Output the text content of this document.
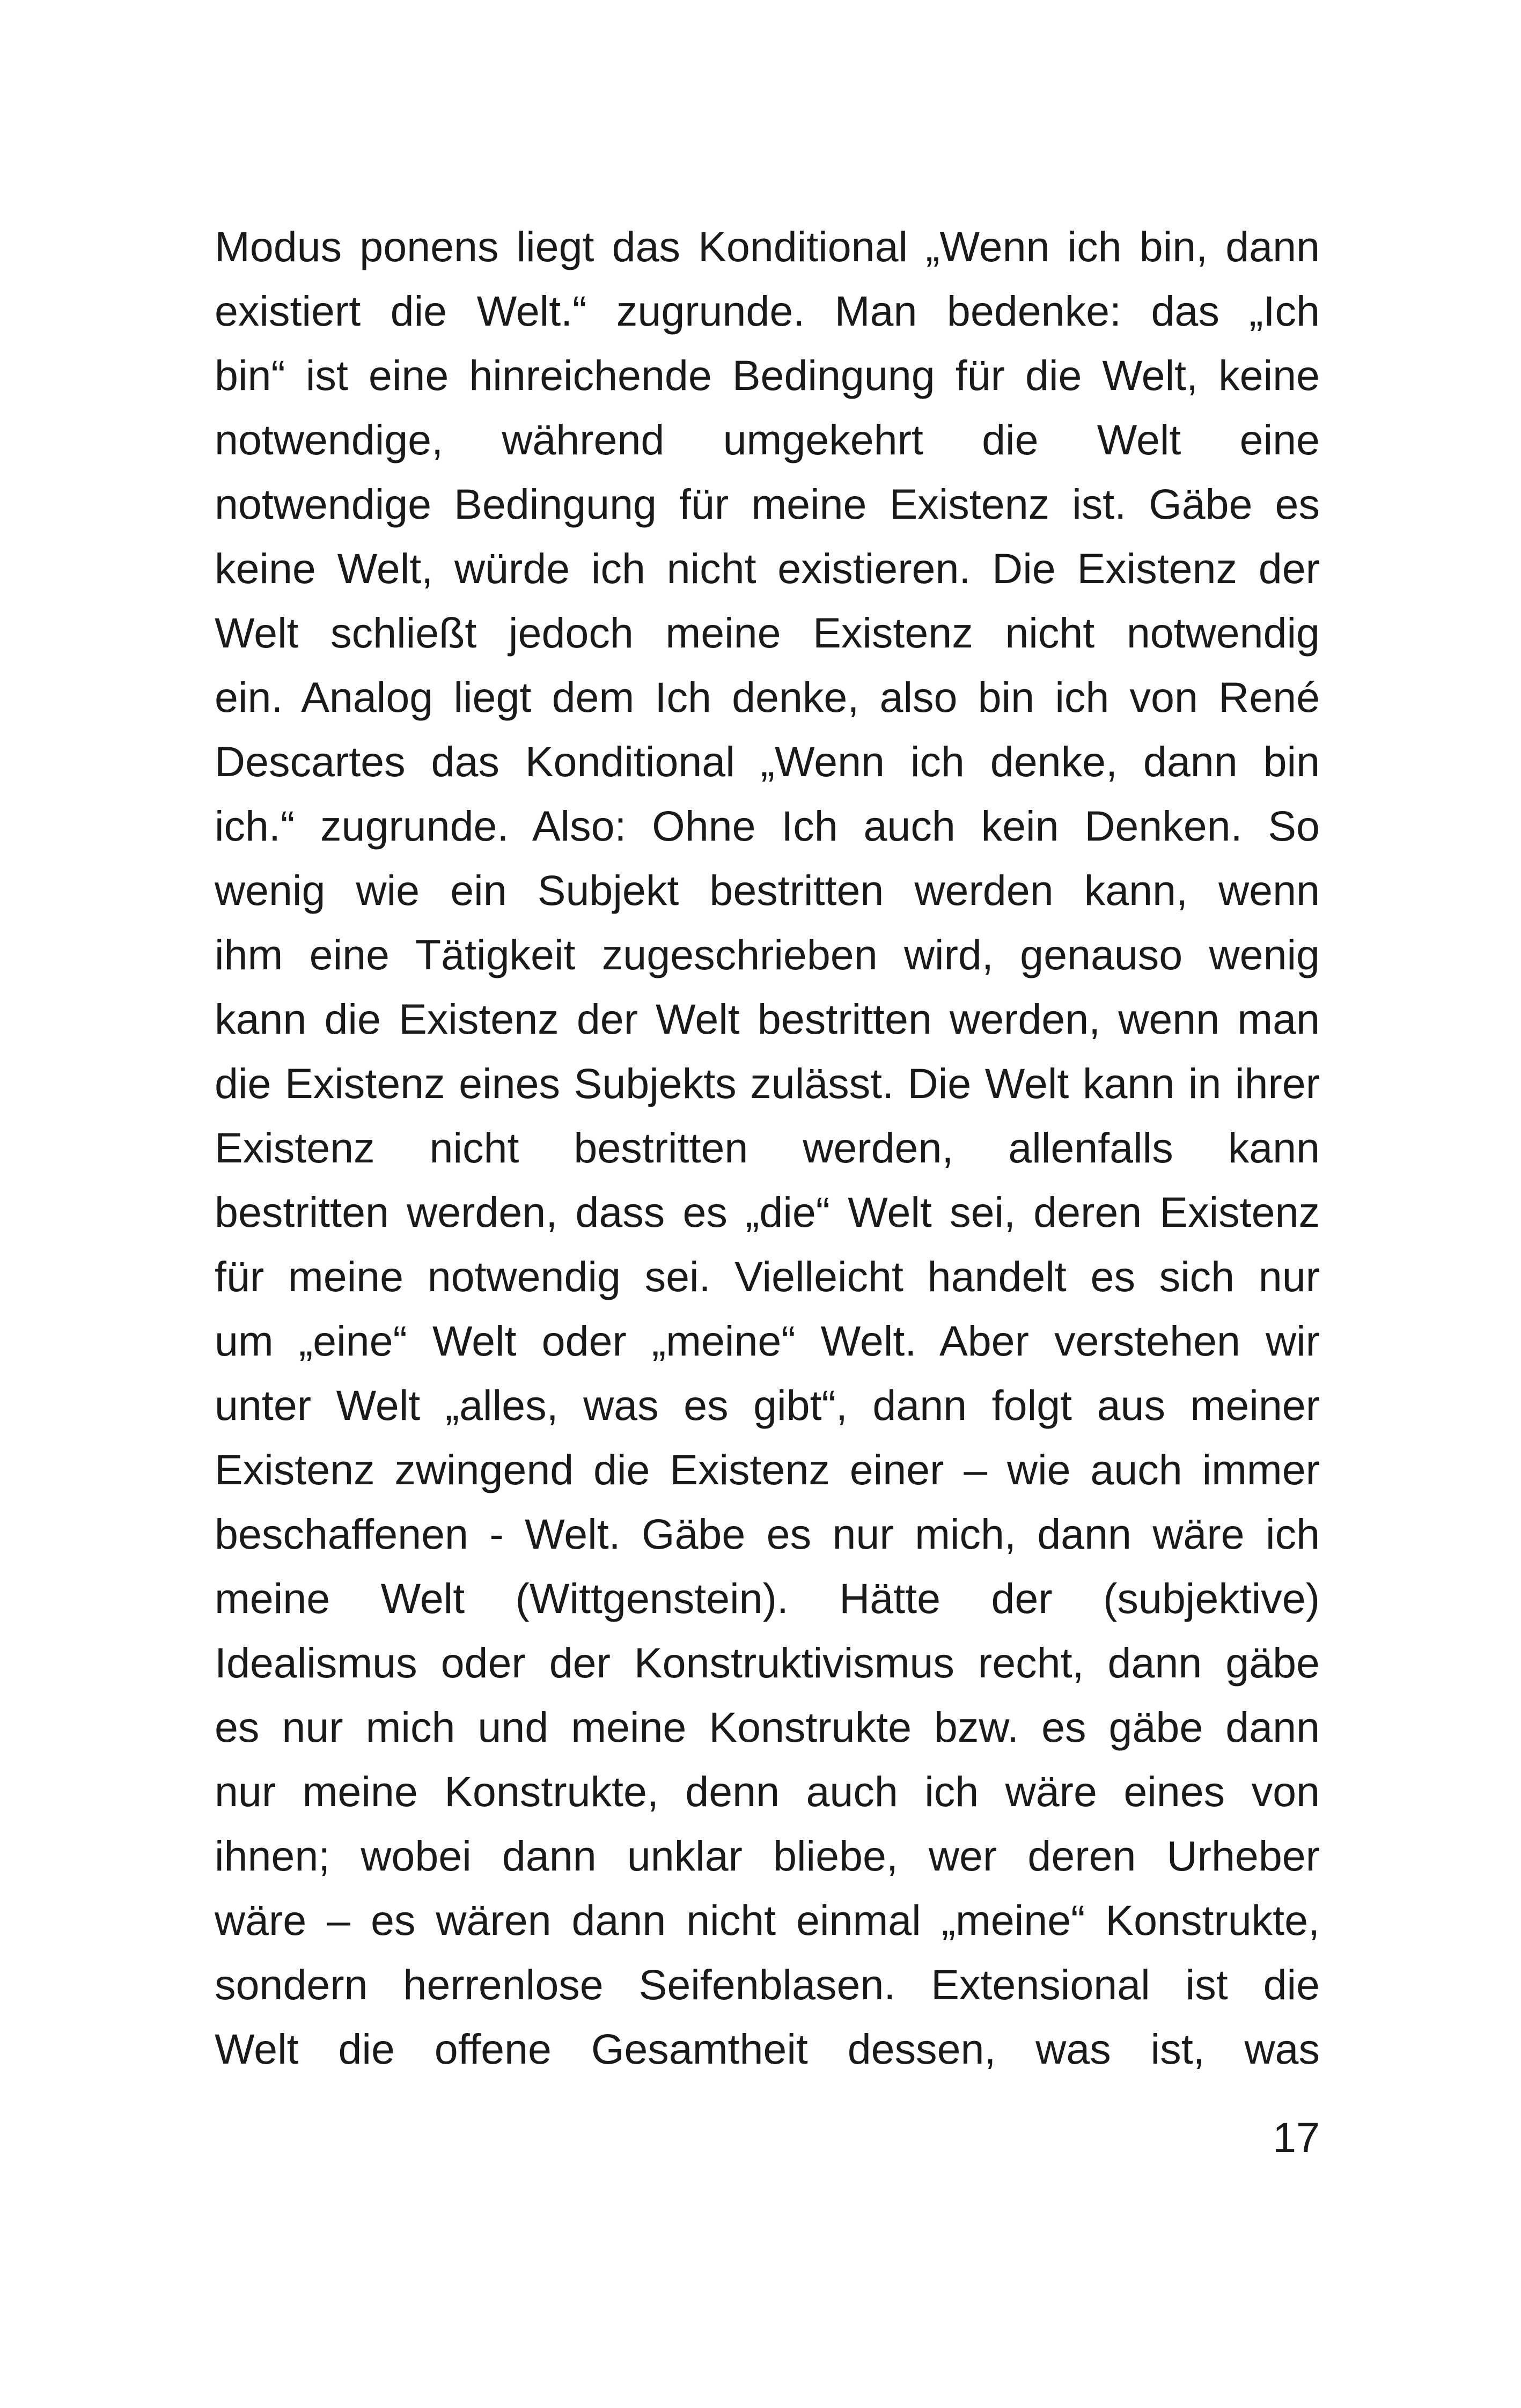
Modus ponens liegt das Konditional „Wenn ich bin, dann
existiert die Welt.“ zugrunde. Man bedenke: das „Ich
bin“ ist eine hinreichende Bedingung für die Welt, keine
notwendige, während umgekehrt die Welt eine
notwendige Bedingung für meine Existenz ist. Gäbe es
keine Welt, würde ich nicht existieren. Die Existenz der
Welt schließt jedoch meine Existenz nicht notwendig
ein. Analog liegt dem Ich denke, also bin ich von René
Descartes das Konditional „Wenn ich denke, dann bin
ich.“ zugrunde. Also: Ohne Ich auch kein Denken. So
wenig wie ein Subjekt bestritten werden kann, wenn
ihm eine Tätigkeit zugeschrieben wird, genauso wenig
kann die Existenz der Welt bestritten werden, wenn man
die Existenz eines Subjekts zulässt. Die Welt kann in ihrer
Existenz nicht bestritten werden, allenfalls kann
bestritten werden, dass es „die“ Welt sei, deren Existenz
für meine notwendig sei. Vielleicht handelt es sich nur
um „eine“ Welt oder „meine“ Welt. Aber verstehen wir
unter Welt „alles, was es gibt“, dann folgt aus meiner
Existenz zwingend die Existenz einer – wie auch immer
beschaffenen - Welt. Gäbe es nur mich, dann wäre ich
meine Welt (Wittgenstein). Hätte der (subjektive)
Idealismus oder der Konstruktivismus recht, dann gäbe
es nur mich und meine Konstrukte bzw. es gäbe dann
nur meine Konstrukte, denn auch ich wäre eines von
ihnen; wobei dann unklar bliebe, wer deren Urheber
wäre – es wären dann nicht einmal „meine“ Konstrukte,
sondern herrenlose Seifenblasen. Extensional ist die
Welt die offene Gesamtheit dessen, was ist, was

17
